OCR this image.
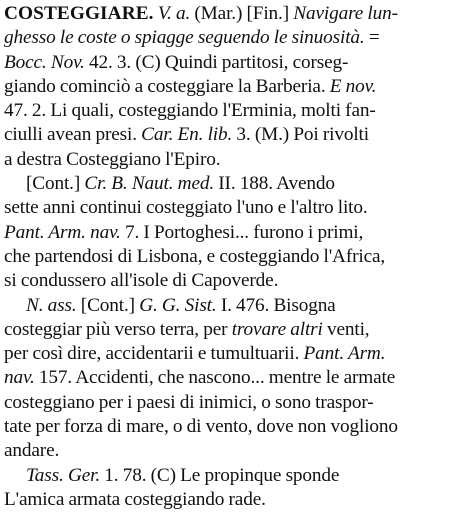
COSTEGGIARE. V. a. (Mar.) [Fin.] Navigare lun-
ghesso le coste o spiagge seguendo le sinuosità. =
Bocc. Nov. 42. 3. (C) Quindi partitosi, corseg-
giando cominciò a costeggiare la Barberia. E nov.
47. 2. Li quali, costeggiando l'Erminia, molti fan-
ciulli avean presi. Car. En. lib. 3. (M.) Poi rivolti
a destra Costeggiano l'Epiro.
[Cont.] Cr. B. Naut. med. II. 188. Avendo
sette anni continui costeggiato l'uno e l'altro lito.
Pant. Arm. nav. 7. I Portoghesi... furono i primi,
che partendosi di Lisbona, e costeggiando l'Africa,
si condussero all'isole di Capoverde.
N. ass. [Cont.] G. G. Sist. I. 476. Bisogna
costeggiar più verso terra, per trovare altri venti,
per così dire, accidentarii e tumultuarii. Pant. Arm.
nav. 157. Accidenti, che nascono... mentre le armate
costeggiano per i paesi di inimici, o sono traspor-
tate per forza di mare, o di vento, dove non vogliono
andare.
Tass. Ger. 1. 78. (C) Le propinque sponde
L'amica armata costeggiando rade.
